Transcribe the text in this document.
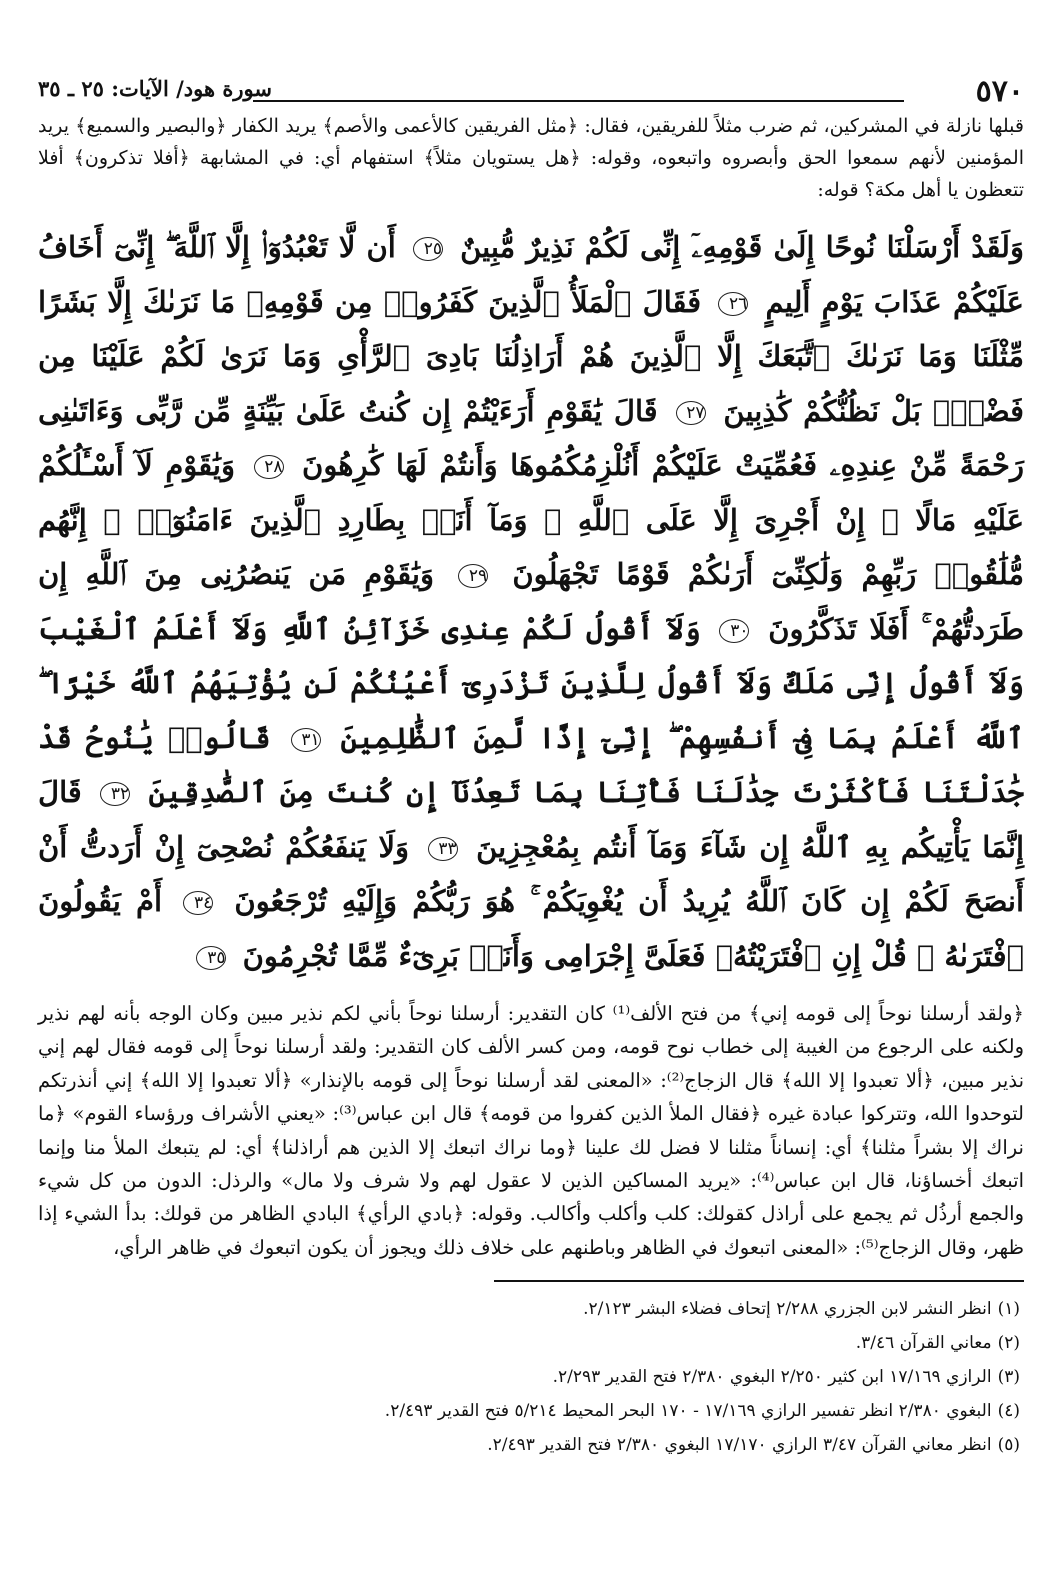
٥٧٠
سورة هود/ الآيات: ٢٥ ـ ٣٥

قبلها نازلة في المشركين، ثم ضرب مثلاً للفريقين، فقال: ﴿مثل الفريقين كالأعمى والأصم﴾ يريد الكفار ﴿والبصير والسميع﴾ يريد المؤمنين لأنهم سمعوا الحق وأبصروه واتبعوه، وقوله: ﴿هل يستويان مثلاً﴾ استفهام أي: في المشابهة ﴿أفلا تذكرون﴾ أفلا تتعظون يا أهل مكة؟ قوله:

وَلَقَدْ أَرْسَلْنَا نُوحًا إِلَىٰ قَوْمِهِۦٓ إِنِّى لَكُمْ نَذِيرٌ مُّبِينٌ ٢٥ أَن لَّا تَعْبُدُوٓا۟ إِلَّا ٱللَّهَ ۖ إِنِّىٓ أَخَافُ عَلَيْكُمْ عَذَابَ يَوْمٍ أَلِيمٍ ٢٦ فَقَالَ ٱلْمَلَأُ ٱلَّذِينَ كَفَرُوا۟ مِن قَوْمِهِۦ مَا نَرَىٰكَ إِلَّا بَشَرًا مِّثْلَنَا وَمَا نَرَىٰكَ ٱتَّبَعَكَ إِلَّا ٱلَّذِينَ هُمْ أَرَاذِلُنَا بَادِىَ ٱلرَّأْىِ وَمَا نَرَىٰ لَكُمْ عَلَيْنَا مِن فَضْلٍۭ بَلْ نَظُنُّكُمْ كَٰذِبِينَ ٢٧ قَالَ يَٰقَوْمِ أَرَءَيْتُمْ إِن كُنتُ عَلَىٰ بَيِّنَةٍ مِّن رَّبِّى وَءَاتَىٰنِى رَحْمَةً مِّنْ عِندِهِۦ فَعُمِّيَتْ عَلَيْكُمْ أَنُلْزِمُكُمُوهَا وَأَنتُمْ لَهَا كَٰرِهُونَ ٢٨ وَيَٰقَوْمِ لَآ أَسْـَٔلُكُمْ عَلَيْهِ مَالًا ۖ إِنْ أَجْرِىَ إِلَّا عَلَى ٱللَّهِ ۚ وَمَآ أَنَا۠ بِطَارِدِ ٱلَّذِينَ ءَامَنُوٓا۟ ۚ إِنَّهُم مُّلَٰقُوا۟ رَبِّهِمْ وَلَٰكِنِّىٓ أَرَىٰكُمْ قَوْمًا تَجْهَلُونَ ٢٩ وَيَٰقَوْمِ مَن يَنصُرُنِى مِنَ ٱللَّهِ إِن طَرَدتُّهُمْ ۚ أَفَلَا تَذَكَّرُونَ ٣٠ وَلَآ أَقُولُ لَكُمْ عِندِى خَزَآئِنُ ٱللَّهِ وَلَآ أَعْلَمُ ٱلْغَيْبَ وَلَآ أَقُولُ إِنِّى مَلَكٌ وَلَآ أَقُولُ لِلَّذِينَ تَزْدَرِىٓ أَعْيُنُكُمْ لَن يُؤْتِيَهُمُ ٱللَّهُ خَيْرًا ۖ ٱللَّهُ أَعْلَمُ بِمَا فِىٓ أَنفُسِهِمْ ۖ إِنِّىٓ إِذًا لَّمِنَ ٱلظَّٰلِمِينَ ٣١ قَالُوا۟ يَٰنُوحُ قَدْ جَٰدَلْتَنَا فَأَكْثَرْتَ جِدَٰلَنَا فَأْتِنَا بِمَا تَعِدُنَآ إِن كُنتَ مِنَ ٱلصَّٰدِقِينَ ٣٢ قَالَ إِنَّمَا يَأْتِيكُم بِهِ ٱللَّهُ إِن شَآءَ وَمَآ أَنتُم بِمُعْجِزِينَ ٣٣ وَلَا يَنفَعُكُمْ نُصْحِىٓ إِنْ أَرَدتُّ أَنْ أَنصَحَ لَكُمْ إِن كَانَ ٱللَّهُ يُرِيدُ أَن يُغْوِيَكُمْ ۚ هُوَ رَبُّكُمْ وَإِلَيْهِ تُرْجَعُونَ ٣٤ أَمْ يَقُولُونَ ٱفْتَرَىٰهُ ۖ قُلْ إِنِ ٱفْتَرَيْتُهُۥ فَعَلَىَّ إِجْرَامِى وَأَنَا۠ بَرِىٓءٌ مِّمَّا تُجْرِمُونَ ٣٥

﴿ولقد أرسلنا نوحاً إلى قومه إني﴾ من فتح الألف⁽¹⁾ كان التقدير: أرسلنا نوحاً بأني لكم نذير مبين وكان الوجه بأنه لهم نذير ولكنه على الرجوع من الغيبة إلى خطاب نوح قومه، ومن كسر الألف كان التقدير: ولقد أرسلنا نوحاً إلى قومه فقال لهم إني نذير مبين، ﴿ألا تعبدوا إلا الله﴾ قال الزجاج⁽²⁾: «المعنى لقد أرسلنا نوحاً إلى قومه بالإنذار» ﴿ألا تعبدوا إلا الله﴾ إني أنذرتكم لتوحدوا الله، وتتركوا عبادة غيره ﴿فقال الملأ الذين كفروا من قومه﴾ قال ابن عباس⁽³⁾: «يعني الأشراف ورؤساء القوم» ﴿ما نراك إلا بشراً مثلنا﴾ أي: إنساناً مثلنا لا فضل لك علينا ﴿وما نراك اتبعك إلا الذين هم أراذلنا﴾ أي: لم يتبعك الملأ منا وإنما اتبعك أخساؤنا، قال ابن عباس⁽⁴⁾: «يريد المساكين الذين لا عقول لهم ولا شرف ولا مال» والرذل: الدون من كل شيء والجمع أرذُل ثم يجمع على أراذل كقولك: كلب وأكلب وأكالب. وقوله: ﴿بادي الرأي﴾ البادي الظاهر من قولك: بدأ الشيء إذا ظهر، وقال الزجاج⁽⁵⁾: «المعنى اتبعوك في الظاهر وباطنهم على خلاف ذلك ويجوز أن يكون اتبعوك في ظاهر الرأي،

(١)انظر النشر لابن الجزري ٢/٢٨٨ إتحاف فضلاء البشر ٢/١٢٣.
(٢)معاني القرآن ٣/٤٦.
(٣)الرازي ١٧/١٦٩ ابن كثير ٢/٢٥٠ البغوي ٢/٣٨٠ فتح القدير ٢/٢٩٣.
(٤)البغوي ٢/٣٨٠ انظر تفسير الرازي ١٧/١٦٩ - ١٧٠ البحر المحيط ٥/٢١٤ فتح القدير ٢/٤٩٣.
(٥)انظر معاني القرآن ٣/٤٧ الرازي ١٧/١٧٠ البغوي ٢/٣٨٠ فتح القدير ٢/٤٩٣.
